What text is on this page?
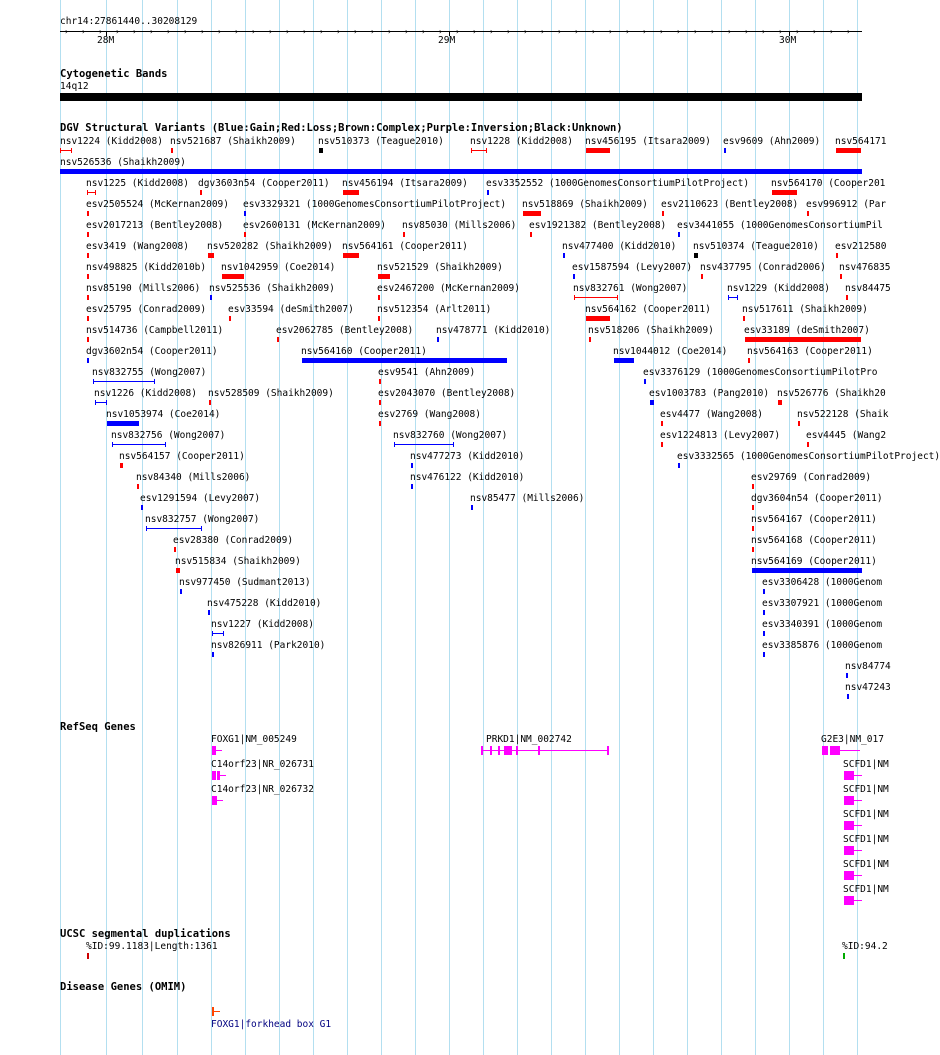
chr14:27861440..30208129
› › › › › › › › › › › › › › › › › › › › › › › › › › › › › › › › › › › › › › › › › › › › › › ›
28M	29M	30M
Cytogenetic Bands
14q12
DGV Structural Variants (Blue:Gain;Red:Loss;Brown:Complex;Purple:Inversion;Black:Unknown)
nsv1224 (Kidd2008) nsv521687 (Shaikh2009) nsv510373 (Teague2010)	nsv1228 (Kidd2008) nsv456195 (Itsara2009) esv9609 (Ahn2009) nsv564171
nsv526536 (Shaikh2009)
nsv1225 (Kidd2008) dgv3603n54 (Cooper2011) nsv456194 (Itsara2009) esv3352552 (1000GenomesConsortiumPilotProject) nsv564170 (Cooper201
esv2505524 (McKernan2009) esv3329321 (1000GenomesConsortiumPilotProject) nsv518869 (Shaikh2009) esv2110623 (Bentley2008) esv996912 (Par
esv2017213 (Bentley2008) esv2600131 (McKernan2009) nsv85030 (Mills2006) esv1921382 (Bentley2008) esv3441055 (1000GenomesConsortiumPil
esv3419 (Wang2008) nsv520282 (Shaikh2009) nsv564161 (Cooper2011)	nsv477400 (Kidd2010) nsv510374 (Teague2010) esv212580
nsv498825 (Kidd2010b) nsv1042959 (Coe2014)	nsv521529 (Shaikh2009)	esv1587594 (Levy2007) nsv437795 (Conrad2006) nsv476835
nsv85190 (Mills2006) nsv525536 (Shaikh2009)	esv2467200 (McKernan2009)	nsv832761 (Wong2007)	nsv1229 (Kidd2008) nsv84475
esv25795 (Conrad2009) esv33594 (deSmith2007) nsv512354 (Arlt2011)	nsv564162 (Cooper2011)	nsv517611 (Shaikh2009)
nsv514736 (Campbell2011)	esv2062785 (Bentley2008) nsv478771 (Kidd2010)	nsv518206 (Shaikh2009)	esv33189 (deSmith2007)
dgv3602n54 (Cooper2011)	nsv564160 (Cooper2011)	nsv1044012 (Coe2014) nsv564163 (Cooper2011)
nsv832755 (Wong2007)	esv9541 (Ahn2009)	esv3376129 (1000GenomesConsortiumPilotPro
nsv1226 (Kidd2008) nsv528509 (Shaikh2009)	esv2043070 (Bentley2008)	esv1003783 (Pang2010) nsv526776 (Shaikh20
nsv1053974 (Coe2014)	esv2769 (Wang2008)	esv4477 (Wang2008)	nsv522128 (Shaik
nsv832756 (Wong2007)	nsv832760 (Wong2007)	esv1224813 (Levy2007)	esv4445 (Wang2
nsv564157 (Cooper2011)	nsv477273 (Kidd2010)	esv3332565 (1000GenomesConsortiumPilotProject)
nsv84340 (Mills2006)	nsv476122 (Kidd2010)	esv29769 (Conrad2009)
esv1291594 (Levy2007)	nsv85477 (Mills2006)	dgv3604n54 (Cooper2011)
nsv832757 (Wong2007)	nsv564167 (Cooper2011)
esv28380 (Conrad2009)	nsv564168 (Cooper2011)
nsv515834 (Shaikh2009)	nsv564169 (Cooper2011)
nsv977450 (Sudmant2013)	esv3306428 (1000Genom
nsv475228 (Kidd2010)	esv3307921 (1000Genom
nsv1227 (Kidd2008)	esv3340391 (1000Genom
nsv826911 (Park2010)	esv3385876 (1000Genom
nsv84774
nsv47243
RefSeq Genes
FOXG1|NM_005249
C14orf23|NR_026731
C14orf23|NR_026732
PRKD1|NM_002742	G2E3|NM_017
SCFD1|NM
SCFD1|NM
SCFD1|NM
SCFD1|NM
SCFD1|NM
SCFD1|NM
UCSC segmental duplications
%ID:99.1183|Length:1361	%ID:94.2
Disease Genes (OMIM)
FOXG1|forkhead box G1
